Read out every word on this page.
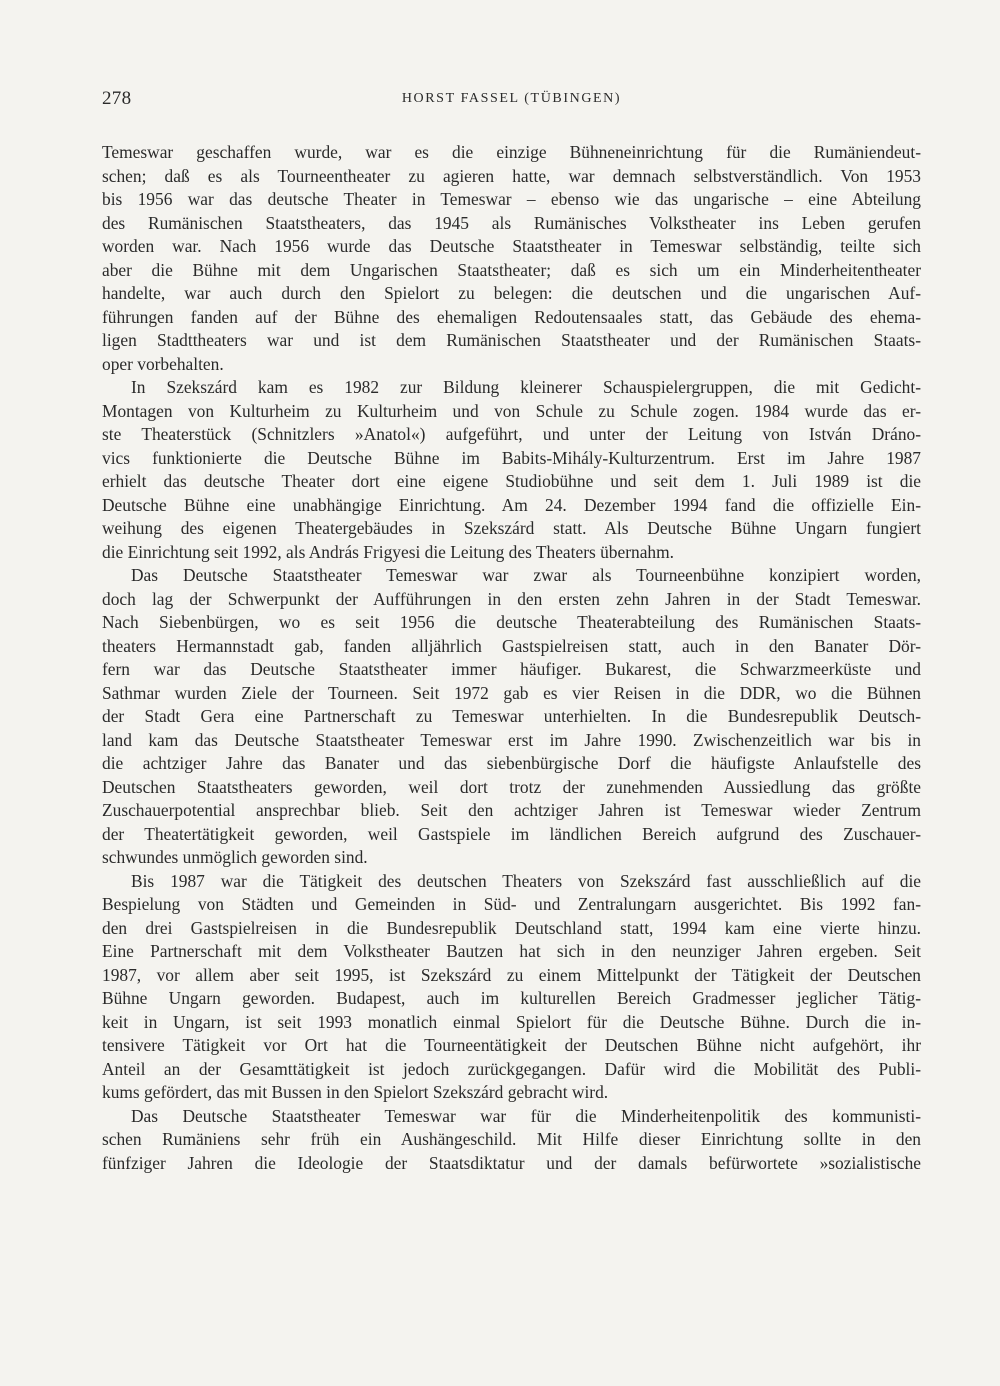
278	HORST FASSEL (TÜBINGEN)
Temeswar geschaffen wurde, war es die einzige Bühneneinrichtung für die Rumäniendeut-
schen; daß es als Tourneentheater zu agieren hatte, war demnach selbstverständlich. Von 1953
bis 1956 war das deutsche Theater in Temeswar – ebenso wie das ungarische – eine Abteilung
des Rumänischen Staatstheaters, das 1945 als Rumänisches Volkstheater ins Leben gerufen
worden war. Nach 1956 wurde das Deutsche Staatstheater in Temeswar selbständig, teilte sich
aber die Bühne mit dem Ungarischen Staatstheater; daß es sich um ein Minderheitentheater
handelte, war auch durch den Spielort zu belegen: die deutschen und die ungarischen Auf-
führungen fanden auf der Bühne des ehemaligen Redoutensaales statt, das Gebäude des ehema-
ligen Stadttheaters war und ist dem Rumänischen Staatstheater und der Rumänischen Staats-
oper vorbehalten.
In Szekszárd kam es 1982 zur Bildung kleinerer Schauspielergruppen, die mit Gedicht-
Montagen von Kulturheim zu Kulturheim und von Schule zu Schule zogen. 1984 wurde das er-
ste Theaterstück (Schnitzlers »Anatol«) aufgeführt, und unter der Leitung von István Dráno-
vics funktionierte die Deutsche Bühne im Babits-Mihály-Kulturzentrum. Erst im Jahre 1987
erhielt das deutsche Theater dort eine eigene Studiobühne und seit dem 1. Juli 1989 ist die
Deutsche Bühne eine unabhängige Einrichtung. Am 24. Dezember 1994 fand die offizielle Ein-
weihung des eigenen Theatergebäudes in Szekszárd statt. Als Deutsche Bühne Ungarn fungiert
die Einrichtung seit 1992, als András Frigyesi die Leitung des Theaters übernahm.
Das Deutsche Staatstheater Temeswar war zwar als Tourneenbühne konzipiert worden,
doch lag der Schwerpunkt der Aufführungen in den ersten zehn Jahren in der Stadt Temeswar.
Nach Siebenbürgen, wo es seit 1956 die deutsche Theaterabteilung des Rumänischen Staats-
theaters Hermannstadt gab, fanden alljährlich Gastspielreisen statt, auch in den Banater Dör-
fern war das Deutsche Staatstheater immer häufiger. Bukarest, die Schwarzmeerküste und
Sathmar wurden Ziele der Tourneen. Seit 1972 gab es vier Reisen in die DDR, wo die Bühnen
der Stadt Gera eine Partnerschaft zu Temeswar unterhielten. In die Bundesrepublik Deutsch-
land kam das Deutsche Staatstheater Temeswar erst im Jahre 1990. Zwischenzeitlich war bis in
die achtziger Jahre das Banater und das siebenbürgische Dorf die häufigste Anlaufstelle des
Deutschen Staatstheaters geworden, weil dort trotz der zunehmenden Aussiedlung das größte
Zuschauerpotential ansprechbar blieb. Seit den achtziger Jahren ist Temeswar wieder Zentrum
der Theatertätigkeit geworden, weil Gastspiele im ländlichen Bereich aufgrund des Zuschauer-
schwundes unmöglich geworden sind.
Bis 1987 war die Tätigkeit des deutschen Theaters von Szekszárd fast ausschließlich auf die
Bespielung von Städten und Gemeinden in Süd- und Zentralungarn ausgerichtet. Bis 1992 fan-
den drei Gastspielreisen in die Bundesrepublik Deutschland statt, 1994 kam eine vierte hinzu.
Eine Partnerschaft mit dem Volkstheater Bautzen hat sich in den neunziger Jahren ergeben. Seit
1987, vor allem aber seit 1995, ist Szekszárd zu einem Mittelpunkt der Tätigkeit der Deutschen
Bühne Ungarn geworden. Budapest, auch im kulturellen Bereich Gradmesser jeglicher Tätig-
keit in Ungarn, ist seit 1993 monatlich einmal Spielort für die Deutsche Bühne. Durch die in-
tensivere Tätigkeit vor Ort hat die Tourneentätigkeit der Deutschen Bühne nicht aufgehört, ihr
Anteil an der Gesamttätigkeit ist jedoch zurückgegangen. Dafür wird die Mobilität des Publi-
kums gefördert, das mit Bussen in den Spielort Szekszárd gebracht wird.
Das Deutsche Staatstheater Temeswar war für die Minderheitenpolitik des kommunisti-
schen Rumäniens sehr früh ein Aushängeschild. Mit Hilfe dieser Einrichtung sollte in den
fünfziger Jahren die Ideologie der Staatsdiktatur und der damals befürwortete »sozialistische
